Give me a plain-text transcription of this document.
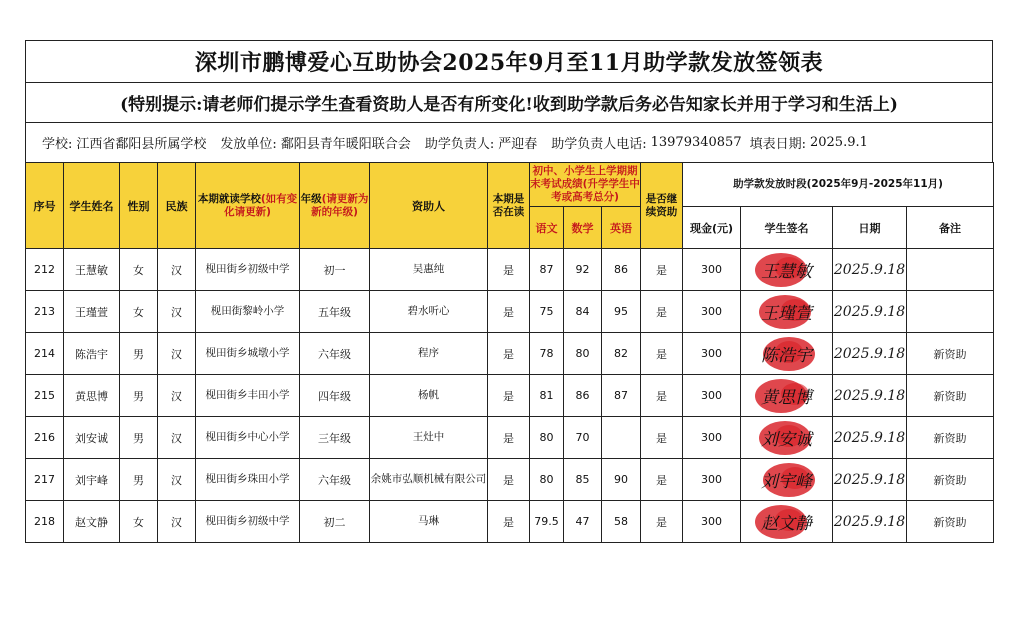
深圳市鹏博爱心互助协会2025年9月至11月助学款发放签领表
(特别提示:请老师们提示学生查看资助人是否有所变化!收到助学款后务必告知家长并用于学习和生活上)
学校: 江西省鄱阳县所属学校 发放单位: 鄱阳县青年暖阳联合会 助学负责人: 严迎春 助学负责人电话: 13979340857 填表日期: 2025.9.1
序号	学生姓名	性别	民族	本期就读学校(如有变化请更新)	年级(请更新为新的年级)	资助人	本期是否在读	初中、小学生上学期期末考试成绩(升学学生中考或高考总分)			是否继续资助	助学款发放时段(2025年9月-2025年11月)			
								语文	数学	英语		现金(元)	学生签名	日期	备注
212	王慧敏	女	汉	枧田街乡初级中学	初一	吴惠纯	是	87	92	86	是	300	王慧敏	2025.9.18	
213	王瑾萱	女	汉	枧田街黎岭小学	五年级	碧水听心	是	75	84	95	是	300	王瑾萱	2025.9.18	
214	陈浩宇	男	汉	枧田街乡城墩小学	六年级	程序	是	78	80	82	是	300	陈浩宇	2025.9.18	新资助
215	黄思博	男	汉	枧田街乡丰田小学	四年级	杨帆	是	81	86	87	是	300	黄思博	2025.9.18	新资助
216	刘安诚	男	汉	枧田街乡中心小学	三年级	王灶中	是	80	70		是	300	刘安诚	2025.9.18	新资助
217	刘宇峰	男	汉	枧田街乡珠田小学	六年级	余姚市弘顺机械有限公司	是	80	85	90	是	300	刘宇峰	2025.9.18	新资助
218	赵文静	女	汉	枧田街乡初级中学	初二	马琳	是	79.5	47	58	是	300	赵文静	2025.9.18	新资助
